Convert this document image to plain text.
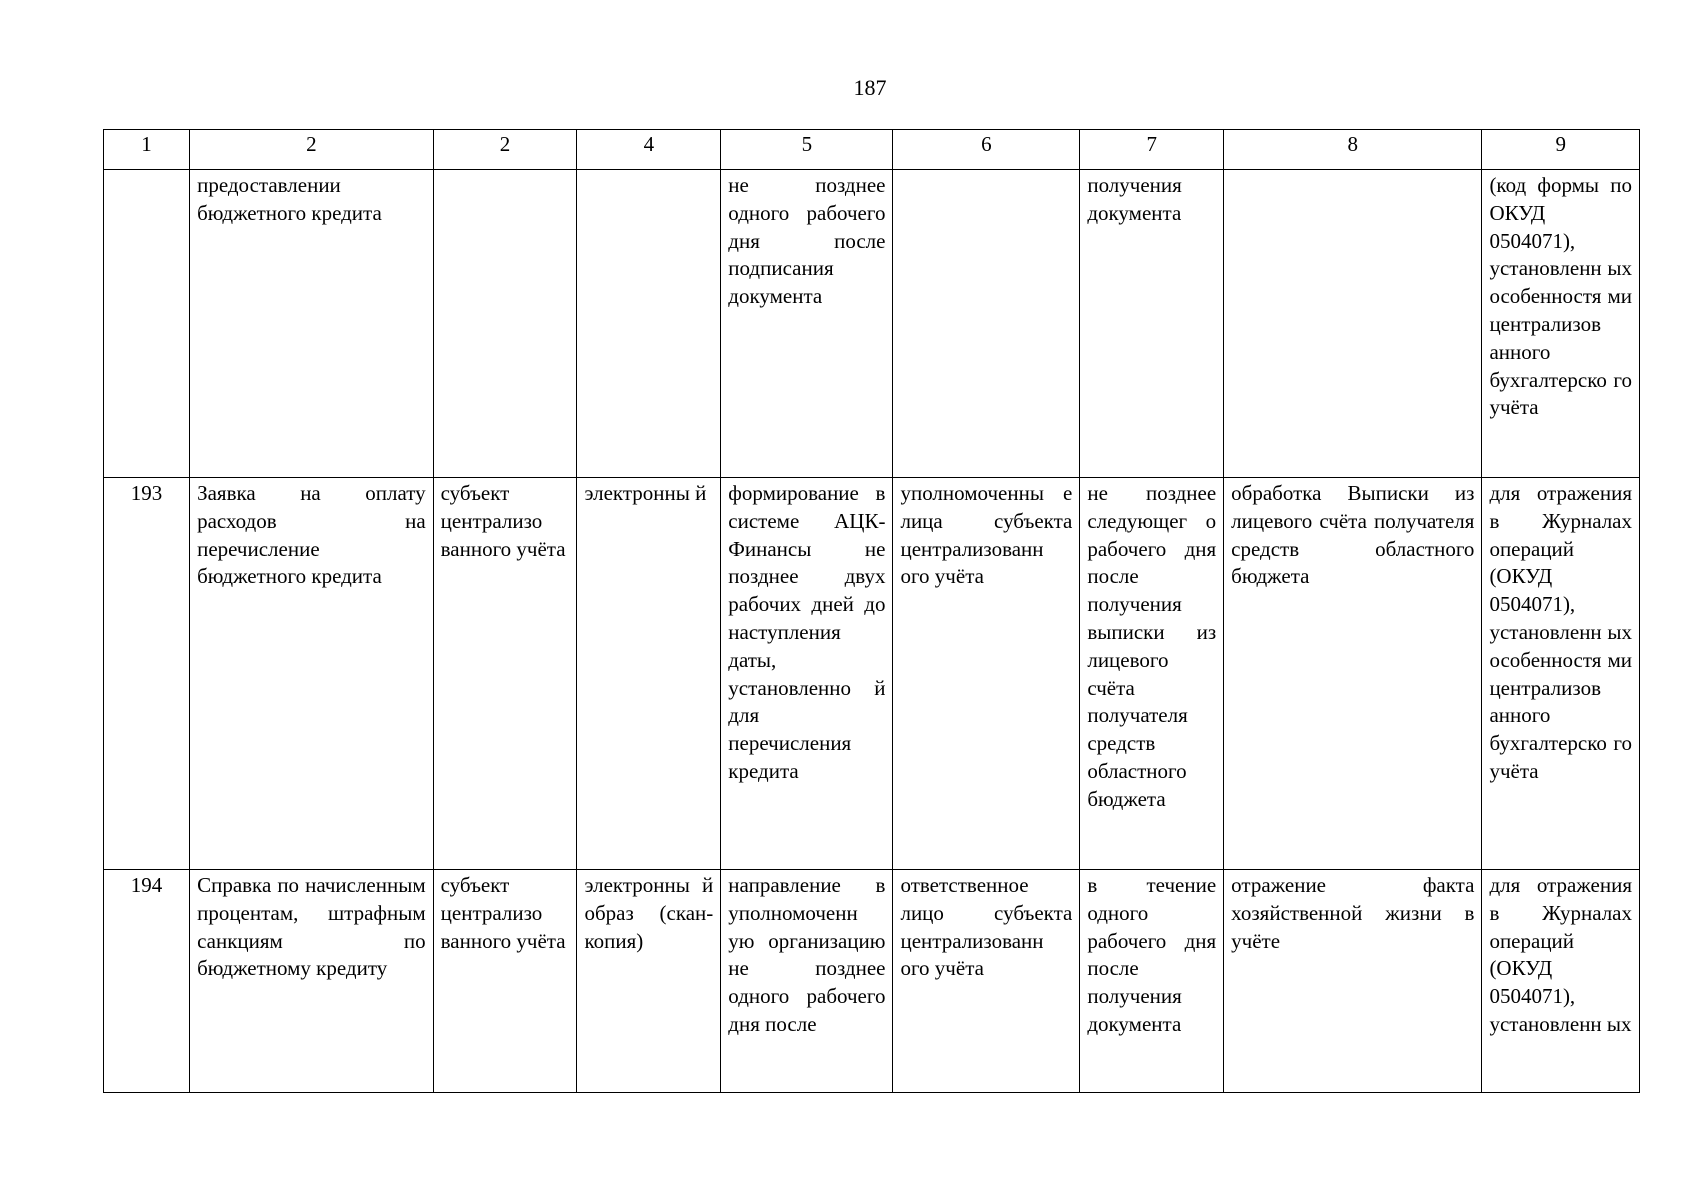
187
1	2	2	4	5	6	7	8	9
	предоставлении бюджетного кредита			не позднее одного рабочего дня после подписания документа		получения документа		(код формы по ОКУД 0504071), установленн ых особенностя ми централизов анного бухгалтерско го учёта
193	Заявка на оплату расходов на перечисление бюджетного кредита	субъект централизо ванного учёта	электронны й	формирование в системе АЦК-Финансы не позднее двух рабочих дней до наступления даты, установленно й для перечисления кредита	уполномоченны е лица субъекта централизованн ого учёта	не позднее следующег о рабочего дня после получения выписки из лицевого счёта получателя средств областного бюджета	обработка Выписки из лицевого счёта получателя средств областного бюджета	для отражения в Журналах операций (ОКУД 0504071), установленн ых особенностя ми централизов анного бухгалтерско го учёта
194	Справка по начисленным процентам, штрафным санкциям по бюджетному кредиту	субъект централизо ванного учёта	электронны й образ (скан-копия)	направление в уполномоченн ую организацию не позднее одного рабочего дня после	ответственное лицо субъекта централизованн ого учёта	в течение одного рабочего дня после получения документа	отражение факта хозяйственной жизни в учёте	для отражения в Журналах операций (ОКУД 0504071), установленн ых
